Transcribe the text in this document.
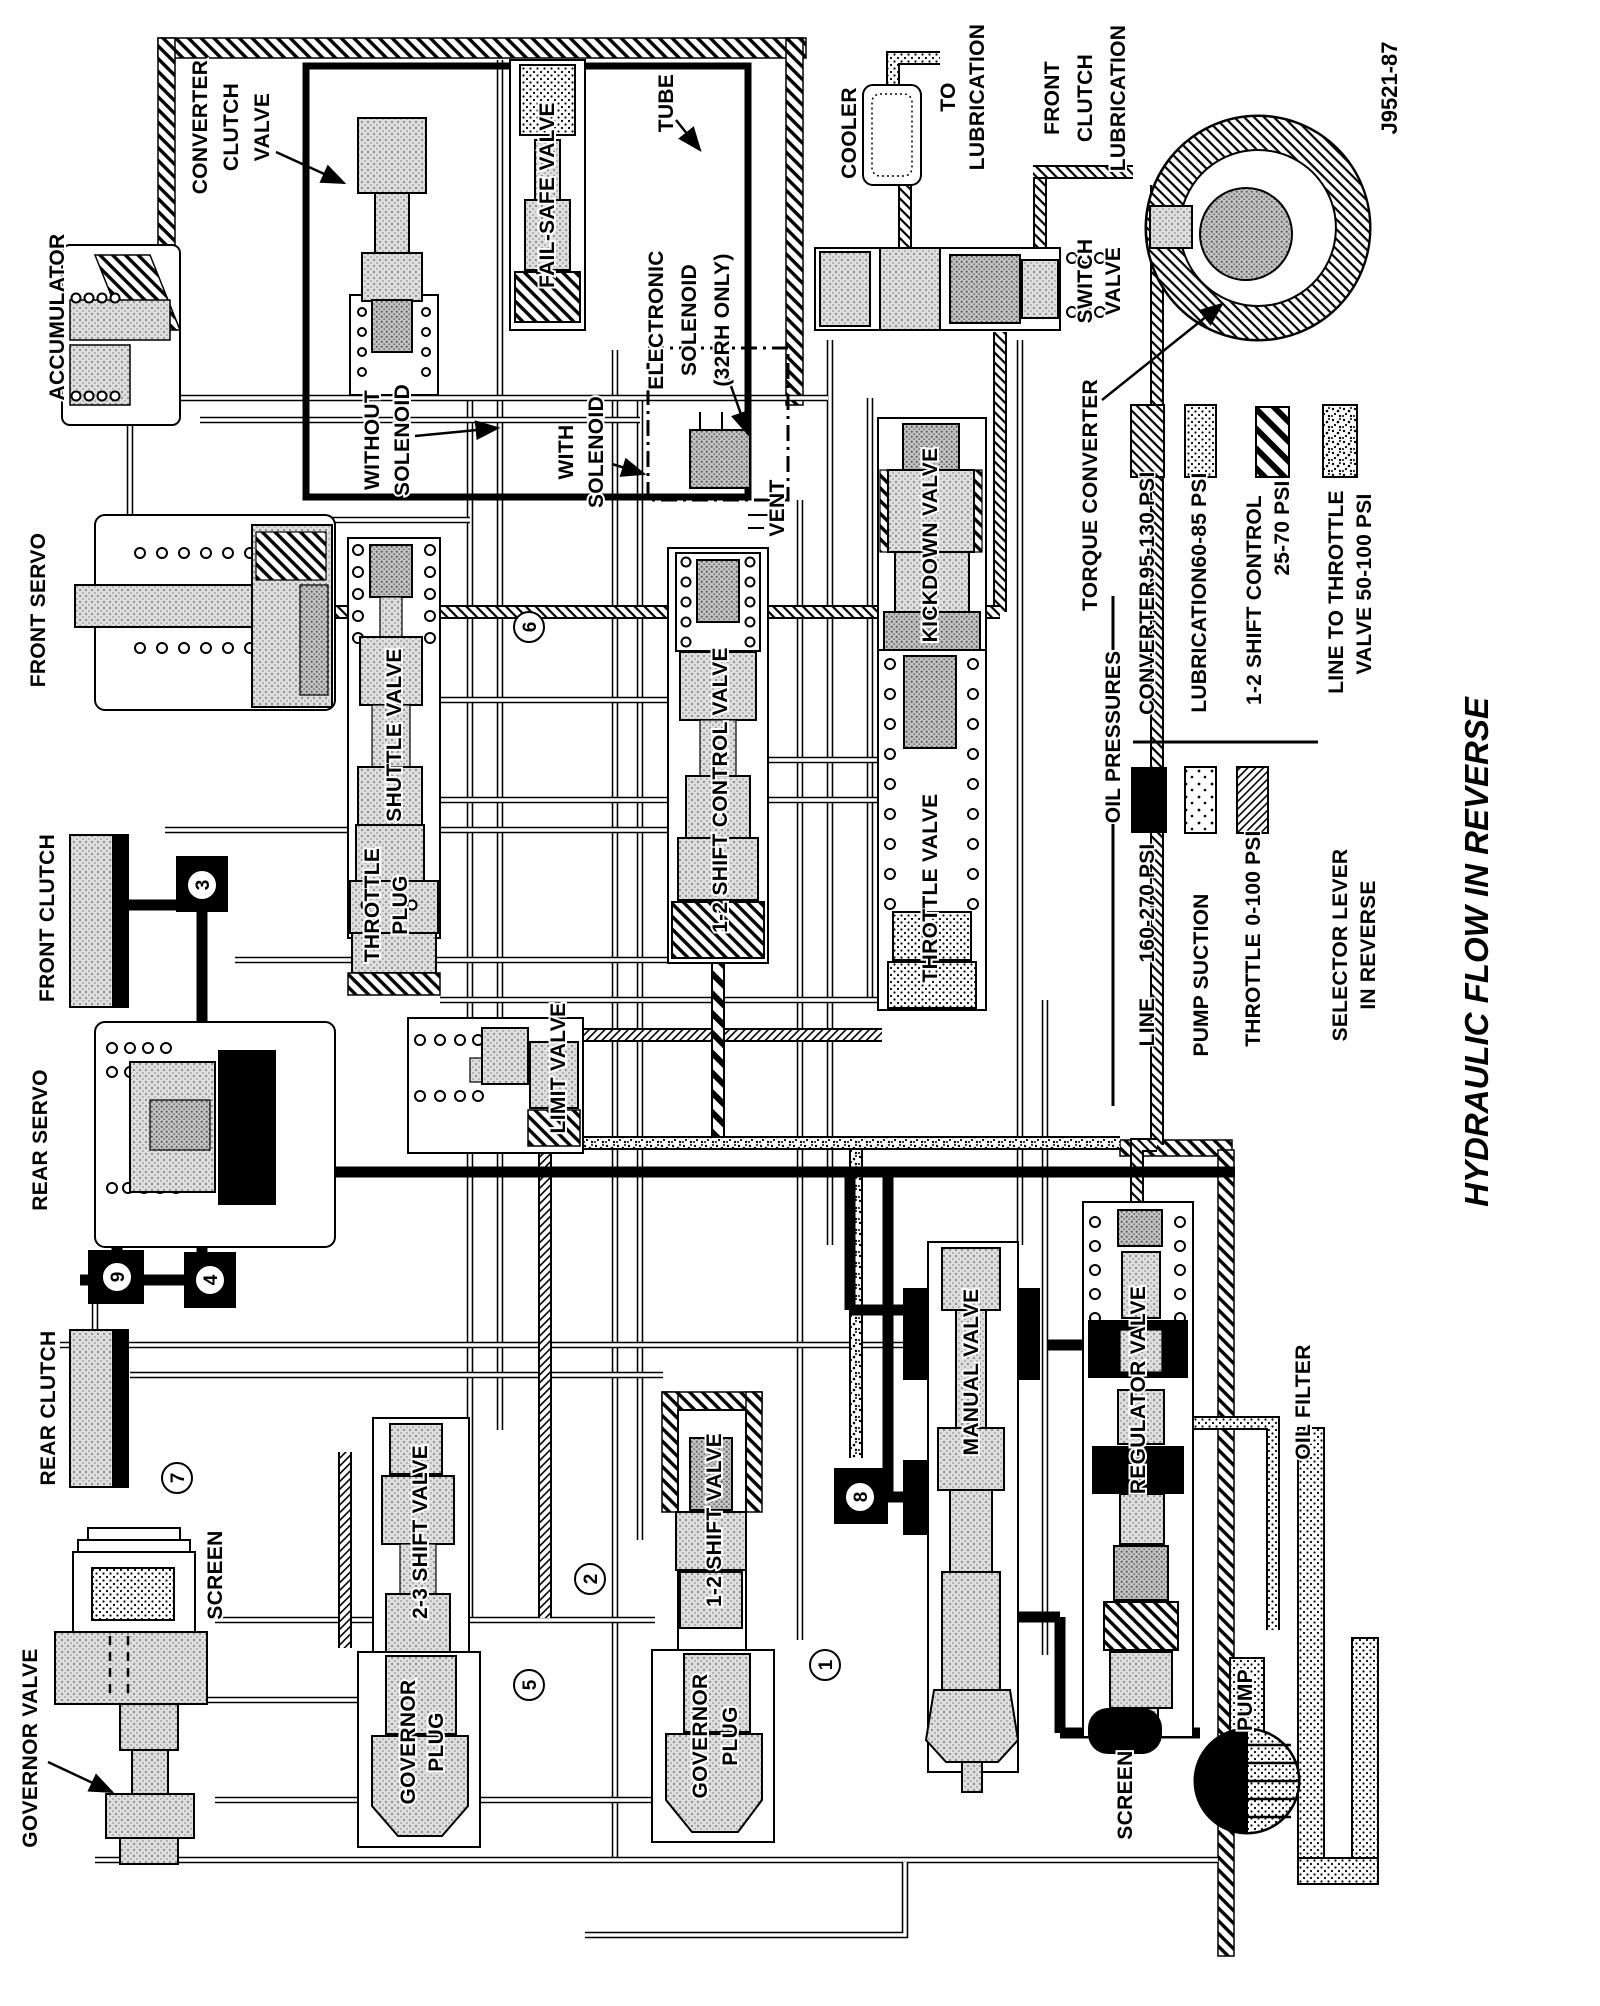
1
2
3
4
5
6
7
8
9
ACCUMULATOR
CONVERTER CLUTCH VALVE	FAIL-SAFE VALVE	TUBE
ELECTRONIC SOLENOID (32RH ONLY)
WITHOUT SOLENOID	WITH SOLENOID	VENT
COOLER	TO LUBRICATION FRONT CLUTCH LUBRICATION
SWITCH VALVE
TORQUE CONVERTER
FRONT SERVO
SHUTTLE VALVE
THROTTLE PLUG	1-2 SHIFT CONTROL VALVE
KICKDOWN VALVE
THROTTLE VALVE
FRONT CLUTCH
REAR SERVO
REAR CLUTCH
LIMIT VALVE
GOVERNOR VALVE
SCREEN	2-3 SHIFT VALVE
GOVERNOR PLUG
1-2 SHIFT VALVE
GOVERNOR PLUG
MANUAL VALVE	REGULATOR VALVE	OIL FILTER
PUMP
SCREEN
OIL PRESSURES
CONVERTER
95-130 PSI
LUBRICATION
60-85 PSI 1-2 SHIFT CONTROL 25-70 PSI LINE TO THROTTLE VALVE 50-100 PSI
LINE
160-270 PSI PUMP SUCTION THROTTLE
0-100 PSI	SELECTOR LEVER IN REVERSE
J9521-87
HYDRAULIC FLOW IN REVERSE
